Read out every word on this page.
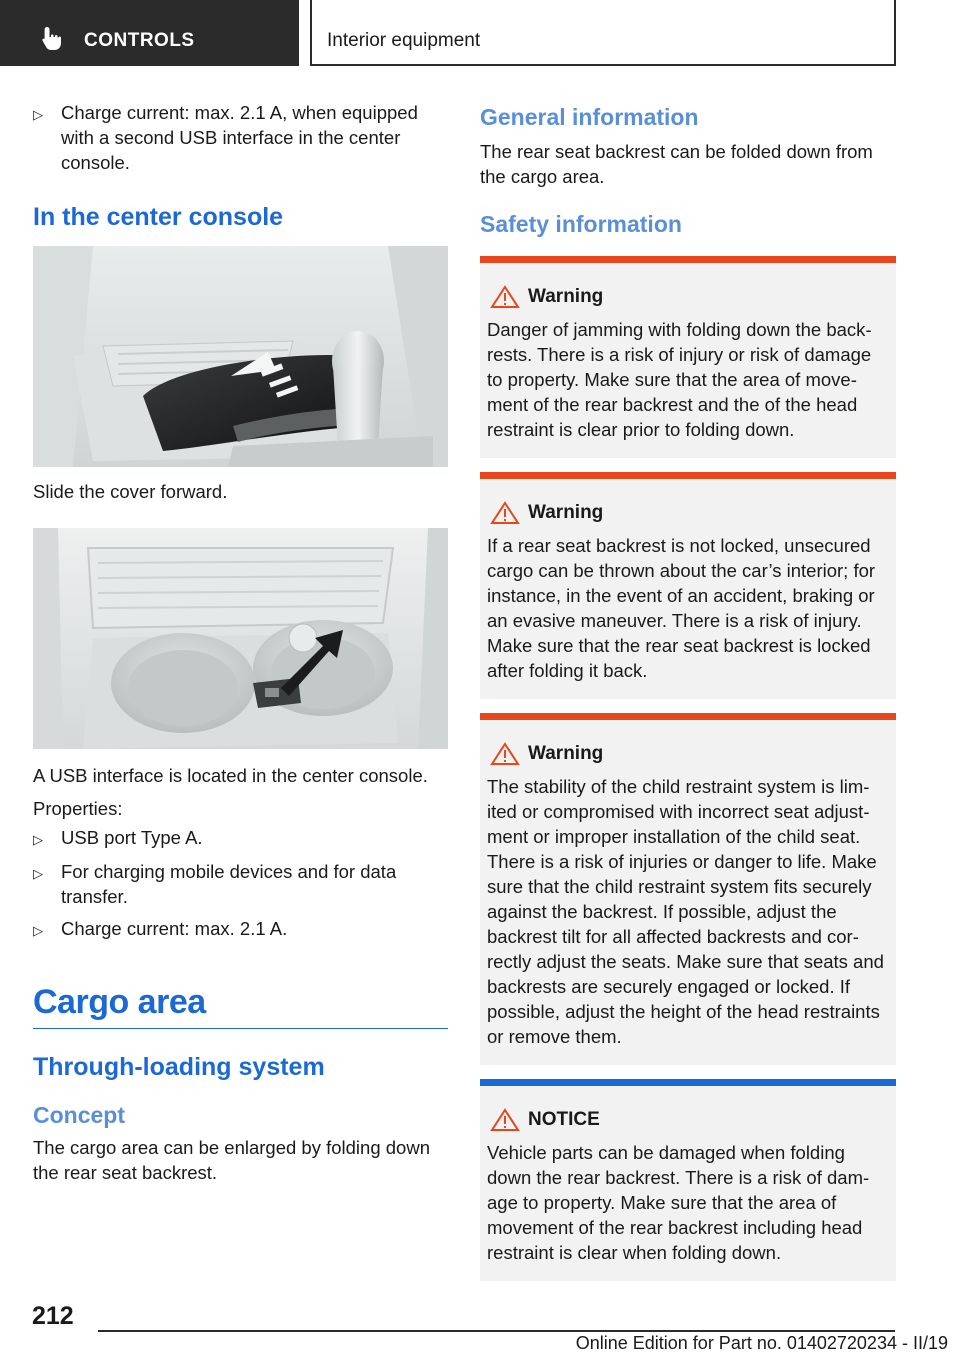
CONTROLS	Interior equipment
▷ Charge current: max. 2.1 A, when equipped with a second USB interface in the center console.
In the center console
Slide the cover forward.
A USB interface is located in the center console.
Properties:
▷ USB port Type A.
▷ For charging mobile devices and for data transfer.
▷ Charge current: max. 2.1 A.
Cargo area
Through-loading system
Concept
The cargo area can be enlarged by folding down the rear seat backrest.
General information
The rear seat backrest can be folded down from the cargo area.
Safety information
Warning
Danger of jamming with folding down the backrests. There is a risk of injury or risk of damage to property. Make sure that the area of movement of the rear backrest and the of the head restraint is clear prior to folding down.
Warning
If a rear seat backrest is not locked, unsecured cargo can be thrown about the car’s interior; for instance, in the event of an accident, braking or an evasive maneuver. There is a risk of injury. Make sure that the rear seat backrest is locked after folding it back.
Warning
The stability of the child restraint system is limited or compromised with incorrect seat adjustment or improper installation of the child seat. There is a risk of injuries or danger to life. Make sure that the child restraint system fits securely against the backrest. If possible, adjust the backrest tilt for all affected backrests and correctly adjust the seats. Make sure that seats and backrests are securely engaged or locked. If possible, adjust the height of the head restraints or remove them.
NOTICE
Vehicle parts can be damaged when folding down the rear backrest. There is a risk of damage to property. Make sure that the area of movement of the rear backrest including head restraint is clear when folding down.
212
Online Edition for Part no. 01402720234 - II/19
